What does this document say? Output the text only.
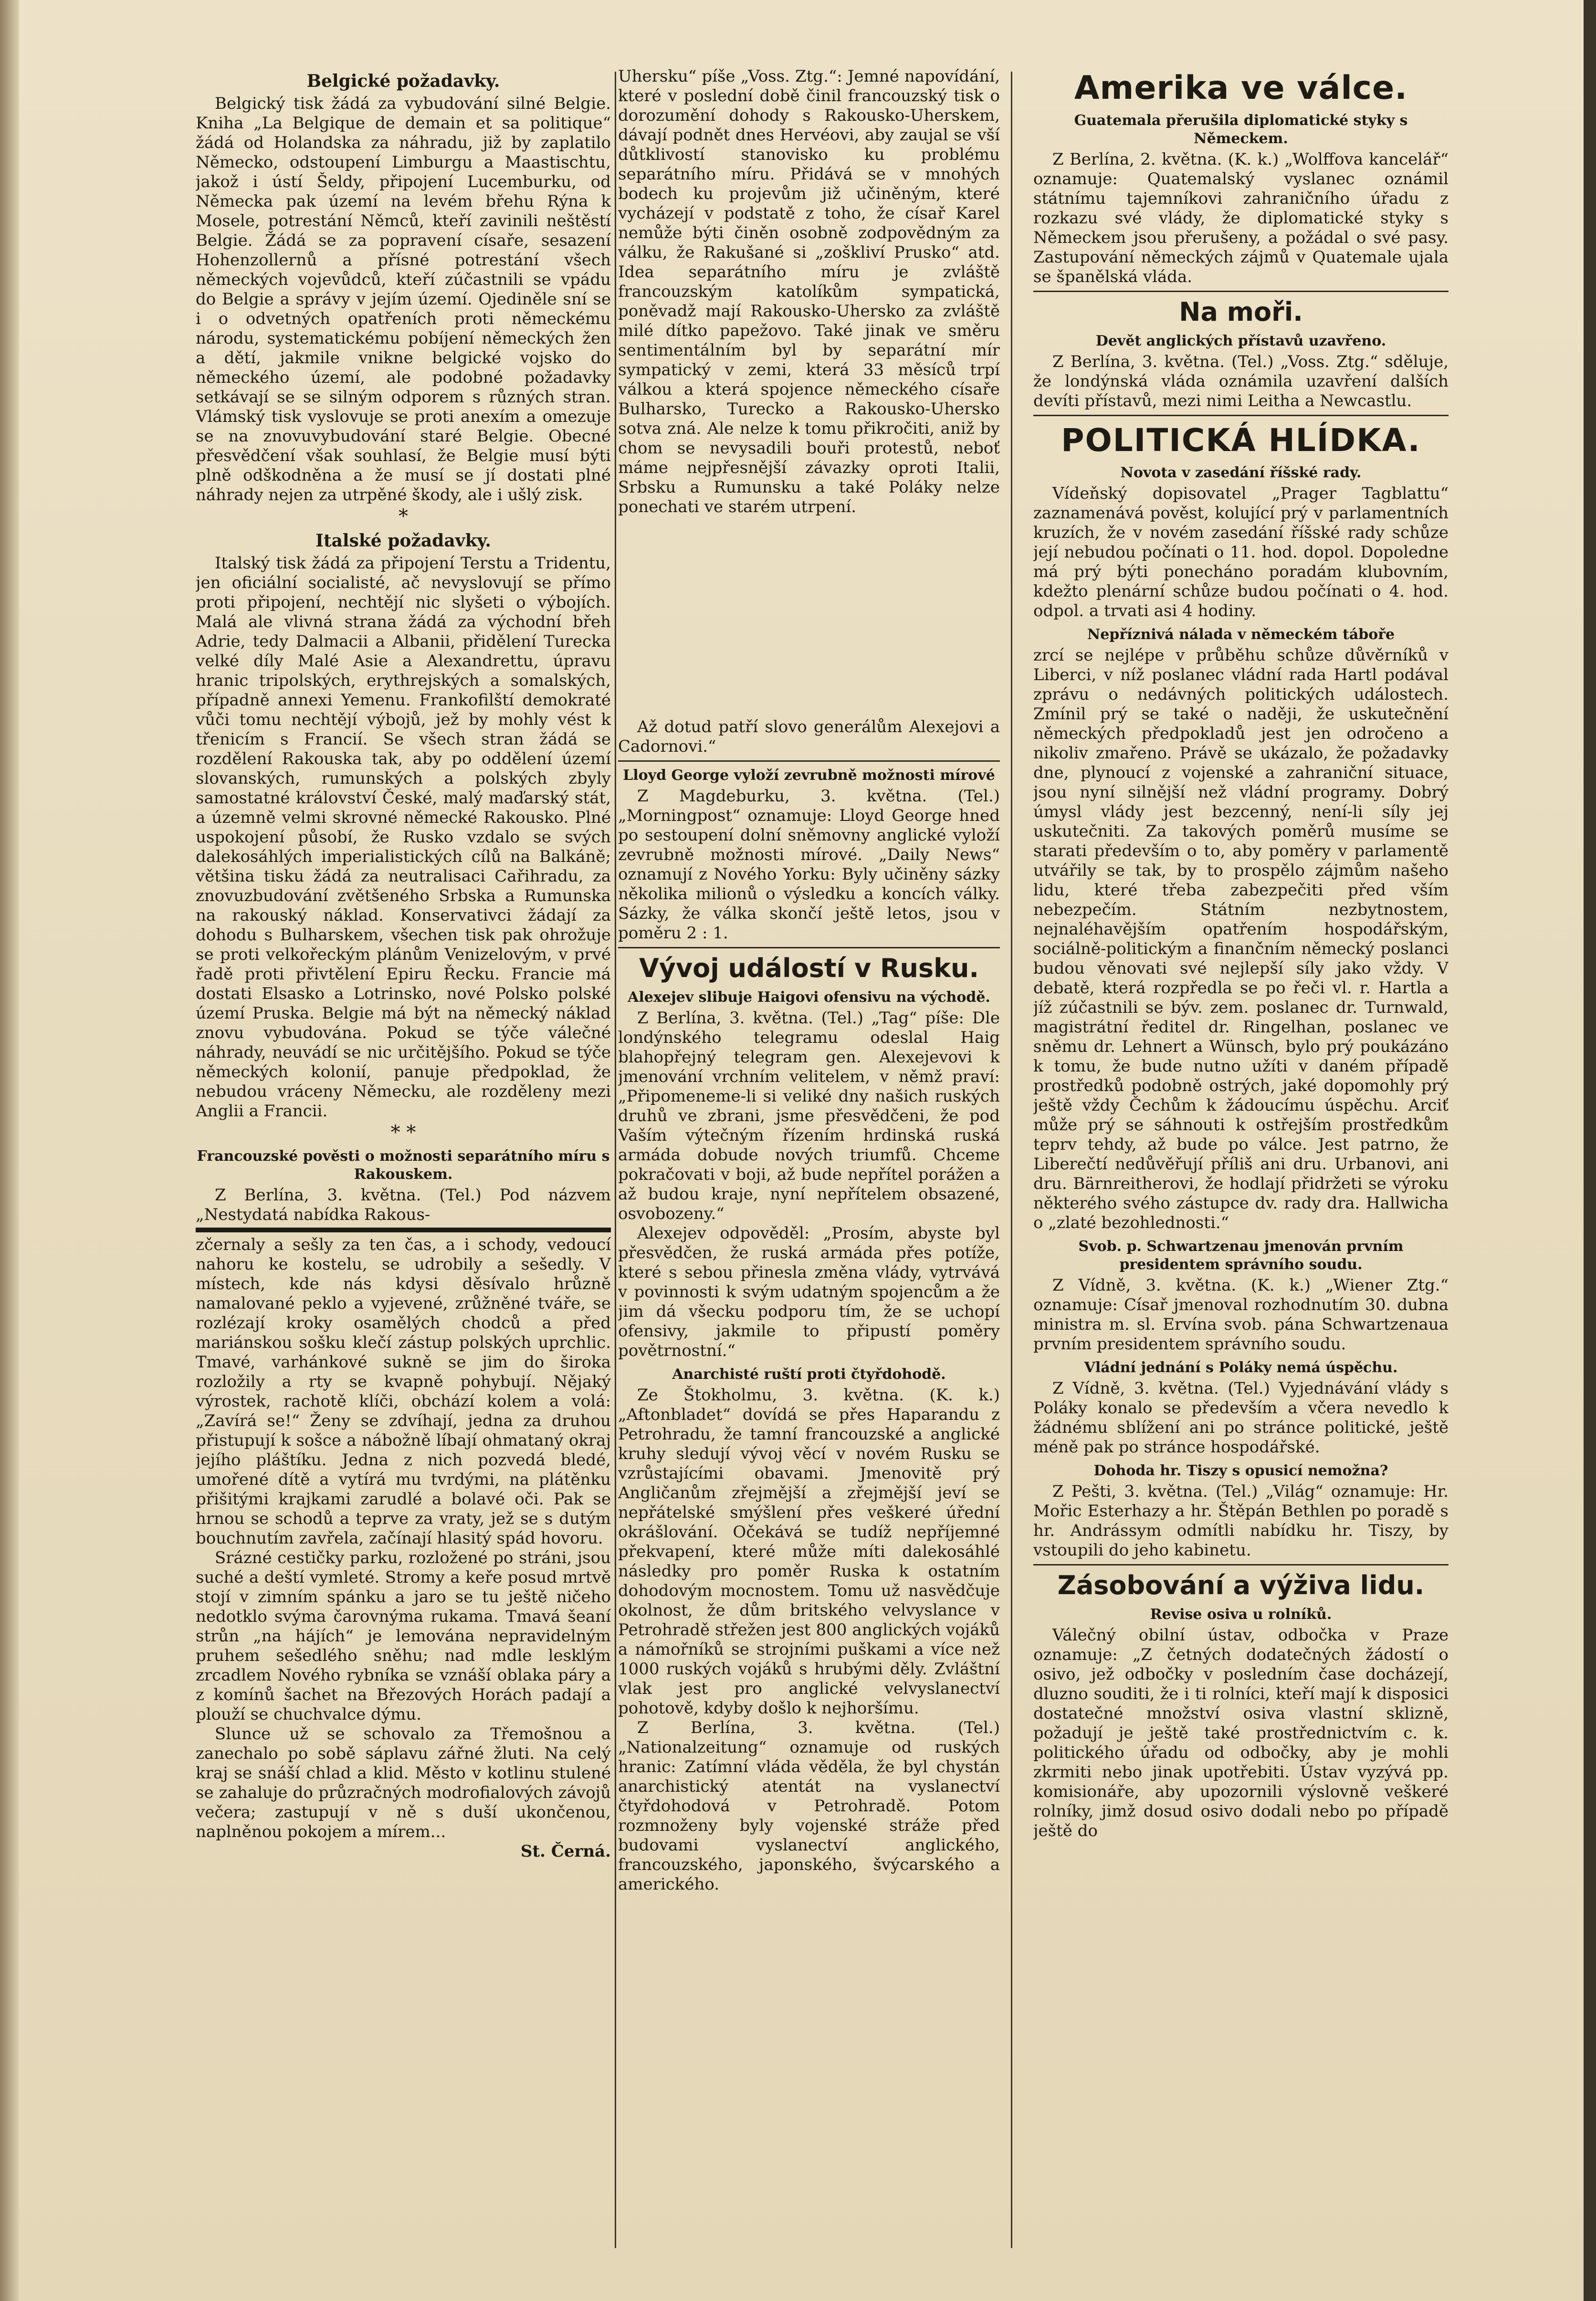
Belgické požadavky.

Belgický tisk žádá za vybudování silné Belgie. Kniha „La Belgique de demain et sa politique“ žádá od Holandska za náhradu, již by zaplatilo Německo, odstoupení Limburgu a Maastischtu, jakož i ústí Šeldy, připojení Lucemburku, od Německa pak území na levém břehu Rýna k Mosele, potrestání Němců, kteří zavinili neštěstí Belgie. Žádá se za popravení císaře, sesazení Hohenzollernů a přísné potrestání všech německých vojevůdců, kteří zúčastnili se vpádu do Belgie a správy v jejím území. Ojediněle sní se i o odvetných opatřeních proti německému národu, systematickému pobíjení německých žen a dětí, jakmile vnikne belgické vojsko do německého území, ale podobné požadavky setkávají se se silným odporem s různých stran. Vlámský tisk vyslovuje se proti anexím a omezuje se na znovuvybudování staré Belgie. Obecné přesvědčení však souhlasí, že Belgie musí býti plně odškodněna a že musí se jí dostati plné náhrady nejen za utrpěné škody, ale i ušlý zisk.

*
Italské požadavky.

Italský tisk žádá za připojení Terstu a Tridentu, jen oficiální socialisté, ač nevyslovují se přímo proti připojení, nechtějí nic slyšeti o výbojích. Malá ale vlivná strana žádá za východní břeh Adrie, tedy Dalmacii a Albanii, přidělení Turecka velké díly Malé Asie a Alexandrettu, úpravu hranic tripolských, erythrejských a somalských, případně annexi Yemenu. Frankofilští demokraté vůči tomu nechtějí výbojů, jež by mohly vést k třenicím s Francií. Se všech stran žádá se rozdělení Rakouska tak, aby po oddělení území slovanských, rumunských a polských zbyly samostatné království České, malý maďarský stát, a územně velmi skrovné německé Rakousko. Plné uspokojení působí, že Rusko vzdalo se svých dalekosáhlých imperialistických cílů na Balkáně; většina tisku žádá za neutralisaci Cařihradu, za znovuzbudování zvětšeného Srbska a Rumunska na rakouský náklad. Konservativci žádají za dohodu s Bulharskem, všechen tisk pak ohrožuje se proti velkořeckým plánům Venizelovým, v prvé řadě proti přivtělení Epiru Řecku. Francie má dostati Elsasko a Lotrinsko, nové Polsko polské území Pruska. Belgie má být na německý náklad znovu vybudována. Pokud se týče válečné náhrady, neuvádí se nic určitějšího. Pokud se týče německých kolonií, panuje předpoklad, že nebudou vráceny Německu, ale rozděleny mezi Anglii a Francii.

* *
Francouzské pověsti o možnosti separátního míru s Rakouskem.

Z Berlína, 3. května. (Tel.) Pod názvem „Nestydatá nabídka Rakous-

zčernaly a sešly za ten čas, a i schody, vedoucí nahoru ke kostelu, se udrobily a sešedly. V místech, kde nás kdysi děsívalo hrůzně namalované peklo a vyjevené, zrůžněné tváře, se rozlézají kroky osamělých chodců a před mariánskou sošku klečí zástup polských uprchlic. Tmavé, varhánkové sukně se jim do široka rozložily a rty se kvapně pohybují. Nějaký výrostek, rachotě klíči, obchází kolem a volá: „Zavírá se!“ Ženy se zdvíhají, jedna za druhou přistupují k sošce a nábožně líbají ohmataný okraj jejího pláštíku. Jedna z nich pozvedá bledé, umořené dítě a vytírá mu tvrdými, na plátěnku přišitými krajkami zarudlé a bolavé oči. Pak se hrnou se schodů a teprve za vraty, jež se s dutým bouchnutím zavřela, začínají hlasitý spád hovoru.

Srázné cestičky parku, rozložené po stráni, jsou suché a deští vymleté. Stromy a keře posud mrtvě stojí v zimním spánku a jaro se tu ještě ničeho nedotklo svýma čarovnýma rukama. Tmavá šeaní strůn „na hájích“ je lemována nepravidelným pruhem sešedlého sněhu; nad mdle lesklým zrcadlem Nového rybníka se vznáší oblaka páry a z komínů šachet na Březových Horách padají a plouží se chuchvalce dýmu.

Slunce už se schovalo za Třemošnou a zanechalo po sobě sáplavu zářné žluti. Na celý kraj se snáší chlad a klid. Město v kotlinu stulené se zahaluje do průzračných modrofialových závojů večera; zastupují v ně s duší ukončenou, naplněnou pokojem a mírem...

St. Černá.

Uhersku“ píše „Voss. Ztg.“: Jemné napovídání, které v poslední době činil francouzský tisk o dorozumění dohody s Rakousko-Uherskem, dávají podnět dnes Hervéovi, aby zaujal se vší důtklivostí stanovisko ku problému separátního míru. Přidává se v mnohých bodech ku projevům již učiněným, které vycházejí v podstatě z toho, že císař Karel nemůže býti činěn osobně zodpovědným za válku, že Rakušané si „zoškliví Prusko“ atd. Idea separátního míru je zvláště francouzským katolíkům sympatická, poněvadž mají Rakousko-Uhersko za zvláště milé dítko papežovo. Také jinak ve směru sentimentálním byl by separátní mír sympatický v zemi, která 33 měsíců trpí válkou a která spojence německého císaře Bulharsko, Turecko a Rakousko-Uhersko sotva zná. Ale nelze k tomu přikročiti, aniž by chom se nevysadili bouři protestů, neboť máme nejpřesnější závazky oproti Italii, Srbsku a Rumunsku a také Poláky nelze ponechati ve starém utrpení.

Až dotud patří slovo generálům Alexejovi a Cadornovi.“

Lloyd George vyloží zevrubně možnosti mírové

Z Magdeburku, 3. května. (Tel.) „Morningpost“ oznamuje: Lloyd George hned po sestoupení dolní sněmovny anglické vyloží zevrubně možnosti mírové. „Daily News“ oznamují z Nového Yorku: Byly učiněny sázky několika milionů o výsledku a koncích války. Sázky, že válka skončí ještě letos, jsou v poměru 2 : 1.

Vývoj událostí v Rusku.
Alexejev slibuje Haigovi ofensivu na východě.

Z Berlína, 3. května. (Tel.) „Tag“ píše: Dle londýnského telegramu odeslal Haig blahopřejný telegram gen. Alexejevovi k jmenování vrchním velitelem, v němž praví: „Připomeneme-li si veliké dny našich ruských druhů ve zbrani, jsme přesvědčeni, že pod Vaším výtečným řízením hrdinská ruská armáda dobude nových triumfů. Chceme pokračovati v boji, až bude nepřítel porážen a až budou kraje, nyní nepřítelem obsazené, osvobozeny.“

Alexejev odpověděl: „Prosím, abyste byl přesvědčen, že ruská armáda přes potíže, které s sebou přinesla změna vlády, vytrvává v povinnosti k svým udatným spojencům a že jim dá všecku podporu tím, že se uchopí ofensivy, jakmile to připustí poměry povětrnostní.“

Anarchisté ruští proti čtyřdohodě.

Ze Štokholmu, 3. května. (K. k.) „Aftonbladet“ dovídá se přes Haparandu z Petrohradu, že tamní francouzské a anglické kruhy sledují vývoj věcí v novém Rusku se vzrůstajícími obavami. Jmenovitě prý Angličanům zřejmější a zřejmější jeví se nepřátelské smýšlení přes veškeré úřední okrášlování. Očekává se tudíž nepříjemné překvapení, které může míti dalekosáhlé následky pro poměr Ruska k ostatním dohodovým mocnostem. Tomu už nasvědčuje okolnost, že dům britského velvyslance v Petrohradě střežen jest 800 anglických vojáků a námořníků se strojními puškami a více než 1000 ruských vojáků s hrubými děly. Zvláštní vlak jest pro anglické velvyslanectví pohotově, kdyby došlo k nejhoršímu.

Z Berlína, 3. května. (Tel.) „Nationalzeitung“ oznamuje od ruských hranic: Zatímní vláda věděla, že byl chystán anarchistický atentát na vyslanectví čtyřdohodová v Petrohradě. Potom rozmnoženy byly vojenské stráže před budovami vyslanectví anglického, francouzského, japonského, švýcarského a amerického.

Amerika ve válce.
Guatemala přerušila diplomatické styky s Německem.

Z Berlína, 2. května. (K. k.) „Wolffova kancelář“ oznamuje: Quatemalský vyslanec oznámil státnímu tajemníkovi zahraničního úřadu z rozkazu své vlády, že diplomatické styky s Německem jsou přerušeny, a požádal o své pasy. Zastupování německých zájmů v Quatemale ujala se španělská vláda.

Na moři.
Devět anglických přístavů uzavřeno.

Z Berlína, 3. května. (Tel.) „Voss. Ztg.“ sděluje, že londýnská vláda oznámila uzavření dalších devíti přístavů, mezi nimi Leitha a Newcastlu.

POLITICKÁ HLÍDKA.
Novota v zasedání říšské rady.

Vídeňský dopisovatel „Prager Tagblattu“ zaznamenává pověst, kolující prý v parlamentních kruzích, že v novém zasedání říšské rady schůze její nebudou počínati o 11. hod. dopol. Dopoledne má prý býti ponecháno poradám klubovním, kdežto plenární schůze budou počínati o 4. hod. odpol. a trvati asi 4 hodiny.

Nepříznivá nálada v německém táboře

zrcí se nejlépe v průběhu schůze důvěrníků v Liberci, v níž poslanec vládní rada Hartl podával zprávu o nedávných politických událostech. Zmínil prý se také o naději, že uskutečnění německých předpokladů jest jen odročeno a nikoliv zmařeno. Právě se ukázalo, že požadavky dne, plynoucí z vojenské a zahraniční situace, jsou nyní silnější než vládní programy. Dobrý úmysl vlády jest bezcenný, není-li síly jej uskutečniti. Za takových poměrů musíme se starati především o to, aby poměry v parlamentě utvářily se tak, by to prospělo zájmům našeho lidu, které třeba zabezpečiti před vším nebezpečím. Státním nezbytnostem, nejnaléhavějším opatřením hospodářským, sociálně-politickým a finančním německý poslanci budou věnovati své nejlepší síly jako vždy. V debatě, která rozpředla se po řeči vl. r. Hartla a jíž zúčastnili se býv. zem. poslanec dr. Turnwald, magistrátní ředitel dr. Ringelhan, poslanec ve sněmu dr. Lehnert a Wünsch, bylo prý poukázáno k tomu, že bude nutno užíti v daném případě prostředků podobně ostrých, jaké dopomohly prý ještě vždy Čechům k žádoucímu úspěchu. Arciť může prý se sáhnouti k ostřejším prostředkům teprv tehdy, až bude po válce. Jest patrno, že Liberečtí nedůvěřují příliš ani dru. Urbanovi, ani dru. Bärnreitherovi, že hodlají přidržeti se výroku některého svého zástupce dv. rady dra. Hallwicha o „zlaté bezohlednosti.“

Svob. p. Schwartzenau jmenován prvním presidentem správního soudu.

Z Vídně, 3. května. (K. k.) „Wiener Ztg.“ oznamuje: Císař jmenoval rozhodnutím 30. dubna ministra m. sl. Ervína svob. pána Schwartzenaua prvním presidentem správního soudu.

Vládní jednání s Poláky nemá úspěchu.

Z Vídně, 3. května. (Tel.) Vyjednávání vlády s Poláky konalo se především a včera nevedlo k žádnému sblížení ani po stránce politické, ještě méně pak po stránce hospodářské.

Dohoda hr. Tiszy s opusicí nemožna?

Z Pešti, 3. května. (Tel.) „Világ“ oznamuje: Hr. Mořic Esterhazy a hr. Štěpán Bethlen po poradě s hr. Andrássym odmítli nabídku hr. Tiszy, by vstoupili do jeho kabinetu.

Zásobování a výživa lidu.
Revise osiva u rolníků.

Válečný obilní ústav, odbočka v Praze oznamuje: „Z četných dodatečných žádostí o osivo, jež odbočky v posledním čase docházejí, dluzno souditi, že i ti rolníci, kteří mají k disposici dostatečné množství osiva vlastní sklizně, požadují je ještě také prostřednictvím c. k. politického úřadu od odbočky, aby je mohli zkrmiti nebo jinak upotřebiti. Ústav vyzývá pp. komisionáře, aby upozornili výslovně veškeré rolníky, jimž dosud osivo dodali nebo po případě ještě do
